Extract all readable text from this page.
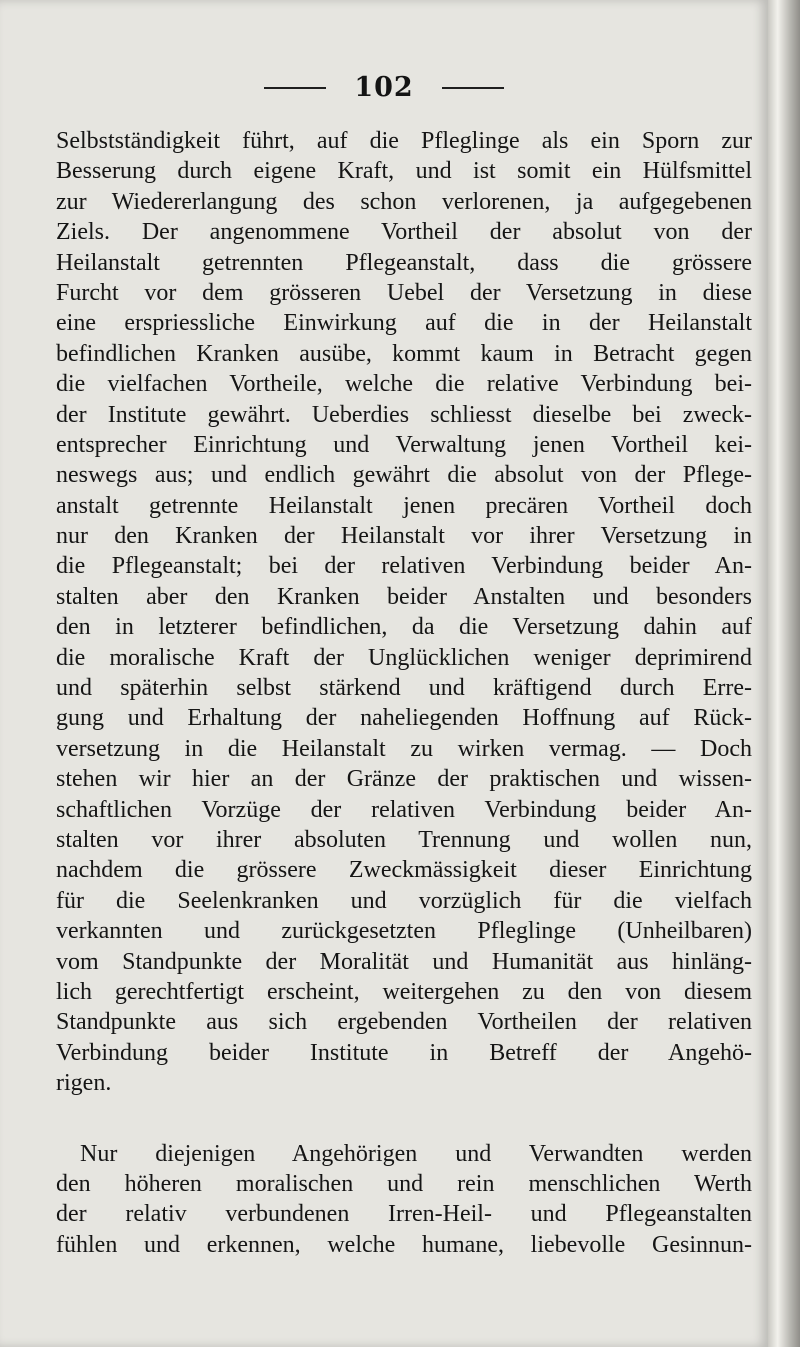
102
Selbstständigkeit führt, auf die Pfleglinge als ein Sporn zur
Besserung durch eigene Kraft, und ist somit ein Hülfsmittel
zur Wiedererlangung des schon verlorenen, ja aufgegebenen
Ziels. Der angenommene Vortheil der absolut von der
Heilanstalt getrennten Pflegeanstalt, dass die grössere
Furcht vor dem grösseren Uebel der Versetzung in diese
eine erspriessliche Einwirkung auf die in der Heilanstalt
befindlichen Kranken ausübe, kommt kaum in Betracht gegen
die vielfachen Vortheile, welche die relative Verbindung bei-
der Institute gewährt. Ueberdies schliesst dieselbe bei zweck-
entsprecher Einrichtung und Verwaltung jenen Vortheil kei-
neswegs aus; und endlich gewährt die absolut von der Pflege-
anstalt getrennte Heilanstalt jenen precären Vortheil doch
nur den Kranken der Heilanstalt vor ihrer Versetzung in
die Pflegeanstalt; bei der relativen Verbindung beider An-
stalten aber den Kranken beider Anstalten und besonders
den in letzterer befindlichen, da die Versetzung dahin auf
die moralische Kraft der Unglücklichen weniger deprimirend
und späterhin selbst stärkend und kräftigend durch Erre-
gung und Erhaltung der naheliegenden Hoffnung auf Rück-
versetzung in die Heilanstalt zu wirken vermag. — Doch
stehen wir hier an der Gränze der praktischen und wissen-
schaftlichen Vorzüge der relativen Verbindung beider An-
stalten vor ihrer absoluten Trennung und wollen nun,
nachdem die grössere Zweckmässigkeit dieser Einrichtung
für die Seelenkranken und vorzüglich für die vielfach
verkannten und zurückgesetzten Pfleglinge (Unheilbaren)
vom Standpunkte der Moralität und Humanität aus hinläng-
lich gerechtfertigt erscheint, weitergehen zu den von diesem
Standpunkte aus sich ergebenden Vortheilen der relativen
Verbindung beider Institute in Betreff der Angehö-
rigen.
Nur diejenigen Angehörigen und Verwandten werden
den höheren moralischen und rein menschlichen Werth
der relativ verbundenen Irren-Heil- und Pflegeanstalten
fühlen und erkennen, welche humane, liebevolle Gesinnun-
